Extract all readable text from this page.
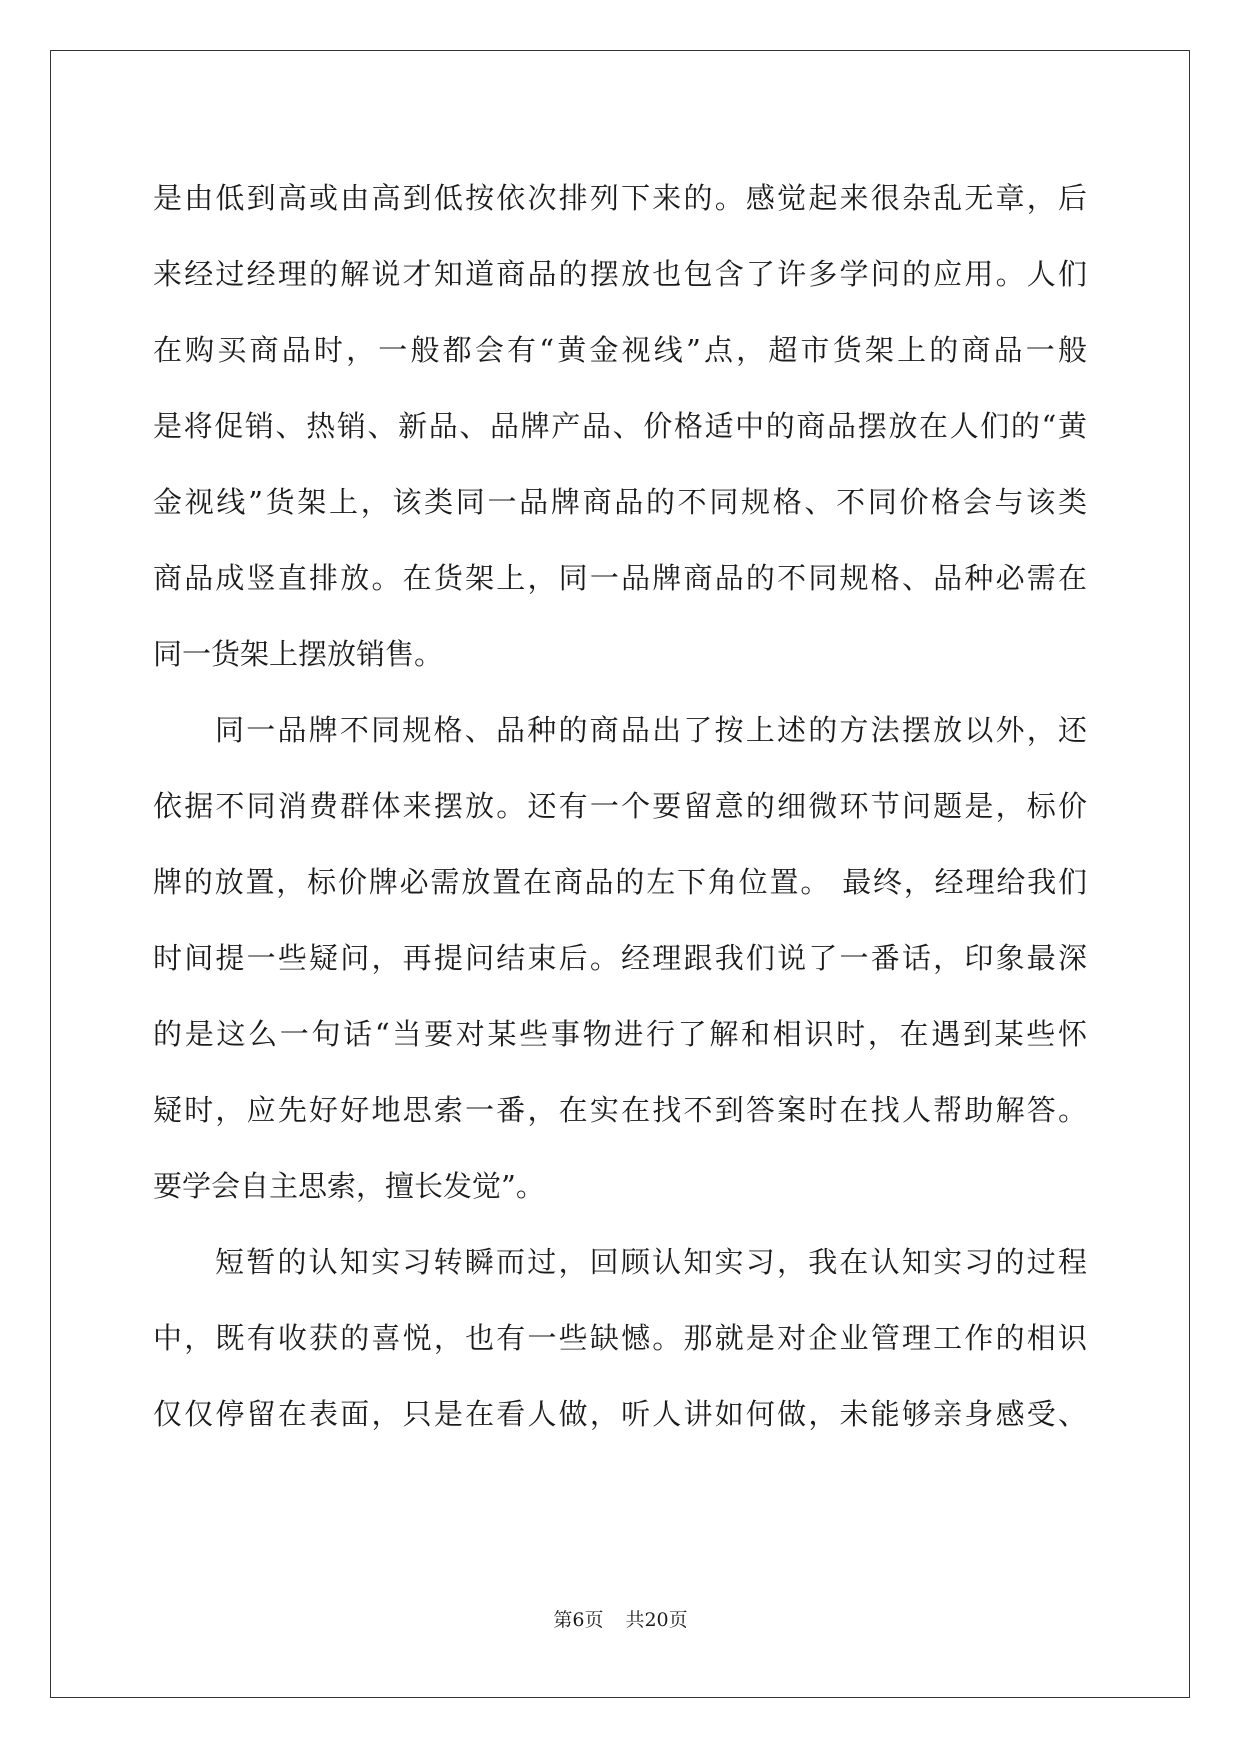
是由低到高或由高到低按依次排列下来的。感觉起来很杂乱无章，后
来经过经理的解说才知道商品的摆放也包含了许多学问的应用。人们
在购买商品时，一般都会有“黄金视线”点，超市货架上的商品一般
是将促销、热销、新品、品牌产品、价格适中的商品摆放在人们的“黄
金视线”货架上，该类同一品牌商品的不同规格、不同价格会与该类
商品成竖直排放。在货架上，同一品牌商品的不同规格、品种必需在
同一货架上摆放销售。
同一品牌不同规格、品种的商品出了按上述的方法摆放以外，还
依据不同消费群体来摆放。还有一个要留意的细微环节问题是，标价
牌的放置，标价牌必需放置在商品的左下角位置。 最终，经理给我们
时间提一些疑问，再提问结束后。经理跟我们说了一番话，印象最深
的是这么一句话“当要对某些事物进行了解和相识时，在遇到某些怀
疑时，应先好好地思索一番，在实在找不到答案时在找人帮助解答。
要学会自主思索，擅长发觉”。
短暂的认知实习转瞬而过，回顾认知实习，我在认知实习的过程
中，既有收获的喜悦，也有一些缺憾。那就是对企业管理工作的相识
仅仅停留在表面，只是在看人做，听人讲如何做，未能够亲身感受、
第6页 共20页
